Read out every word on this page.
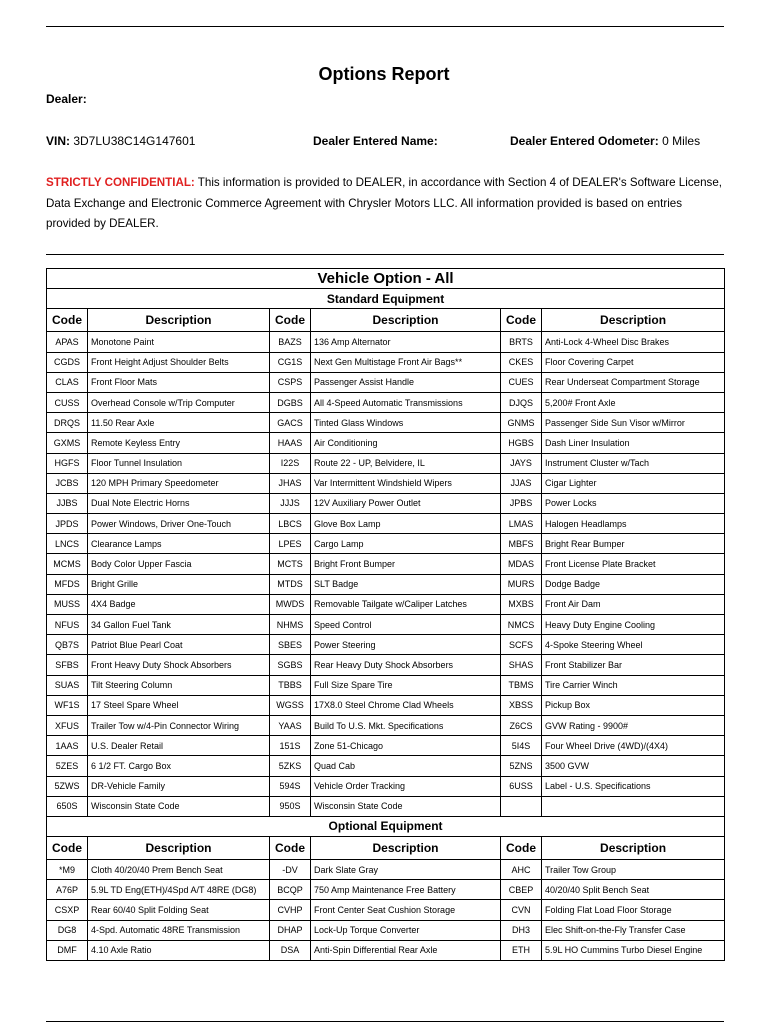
Options Report
Dealer:
VIN: 3D7LU38C14G147601	Dealer Entered Name:	Dealer Entered Odometer: 0 Miles
STRICTLY CONFIDENTIAL: This information is provided to DEALER, in accordance with Section 4 of DEALER's Software License, Data Exchange and Electronic Commerce Agreement with Chrysler Motors LLC. All information provided is based on entries provided by DEALER.
Vehicle Option - All					
Standard Equipment					
Code	Description	Code	Description	Code	Description
APAS	Monotone Paint	BAZS	136 Amp Alternator	BRTS	Anti-Lock 4-Wheel Disc Brakes
CGDS	Front Height Adjust Shoulder Belts	CG1S	Next Gen Multistage Front Air Bags**	CKES	Floor Covering Carpet
CLAS	Front Floor Mats	CSPS	Passenger Assist Handle	CUES	Rear Underseat Compartment Storage
CUSS	Overhead Console w/Trip Computer	DGBS	All 4-Speed Automatic Transmissions	DJQS	5,200# Front Axle
DRQS	11.50 Rear Axle	GACS	Tinted Glass Windows	GNMS	Passenger Side Sun Visor w/Mirror
GXMS	Remote Keyless Entry	HAAS	Air Conditioning	HGBS	Dash Liner Insulation
HGFS	Floor Tunnel Insulation	I22S	Route 22 - UP, Belvidere, IL	JAYS	Instrument Cluster w/Tach
JCBS	120 MPH Primary Speedometer	JHAS	Var Intermittent Windshield Wipers	JJAS	Cigar Lighter
JJBS	Dual Note Electric Horns	JJJS	12V Auxiliary Power Outlet	JPBS	Power Locks
JPDS	Power Windows, Driver One-Touch	LBCS	Glove Box Lamp	LMAS	Halogen Headlamps
LNCS	Clearance Lamps	LPES	Cargo Lamp	MBFS	Bright Rear Bumper
MCMS	Body Color Upper Fascia	MCTS	Bright Front Bumper	MDAS	Front License Plate Bracket
MFDS	Bright Grille	MTDS	SLT Badge	MURS	Dodge Badge
MUSS	4X4 Badge	MWDS	Removable Tailgate w/Caliper Latches	MXBS	Front Air Dam
NFUS	34 Gallon Fuel Tank	NHMS	Speed Control	NMCS	Heavy Duty Engine Cooling
QB7S	Patriot Blue Pearl Coat	SBES	Power Steering	SCFS	4-Spoke Steering Wheel
SFBS	Front Heavy Duty Shock Absorbers	SGBS	Rear Heavy Duty Shock Absorbers	SHAS	Front Stabilizer Bar
SUAS	Tilt Steering Column	TBBS	Full Size Spare Tire	TBMS	Tire Carrier Winch
WF1S	17 Steel Spare Wheel	WGSS	17X8.0 Steel Chrome Clad Wheels	XBSS	Pickup Box
XFUS	Trailer Tow w/4-Pin Connector Wiring	YAAS	Build To U.S. Mkt. Specifications	Z6CS	GVW Rating - 9900#
1AAS	U.S. Dealer Retail	151S	Zone 51-Chicago	5I4S	Four Wheel Drive (4WD)/(4X4)
5ZES	6 1/2 FT. Cargo Box	5ZKS	Quad Cab	5ZNS	3500 GVW
5ZWS	DR-Vehicle Family	594S	Vehicle Order Tracking	6USS	Label - U.S. Specifications
650S	Wisconsin State Code	950S	Wisconsin State Code		
Optional Equipment					
Code	Description	Code	Description	Code	Description
*M9	Cloth 40/20/40 Prem Bench Seat	-DV	Dark Slate Gray	AHC	Trailer Tow Group
A76P	5.9L TD Eng(ETH)/4Spd A/T 48RE (DG8)	BCQP	750 Amp Maintenance Free Battery	CBEP	40/20/40 Split Bench Seat
CSXP	Rear 60/40 Split Folding Seat	CVHP	Front Center Seat Cushion Storage	CVN	Folding Flat Load Floor Storage
DG8	4-Spd. Automatic 48RE Transmission	DHAP	Lock-Up Torque Converter	DH3	Elec Shift-on-the-Fly Transfer Case
DMF	4.10 Axle Ratio	DSA	Anti-Spin Differential Rear Axle	ETH	5.9L HO Cummins Turbo Diesel Engine
